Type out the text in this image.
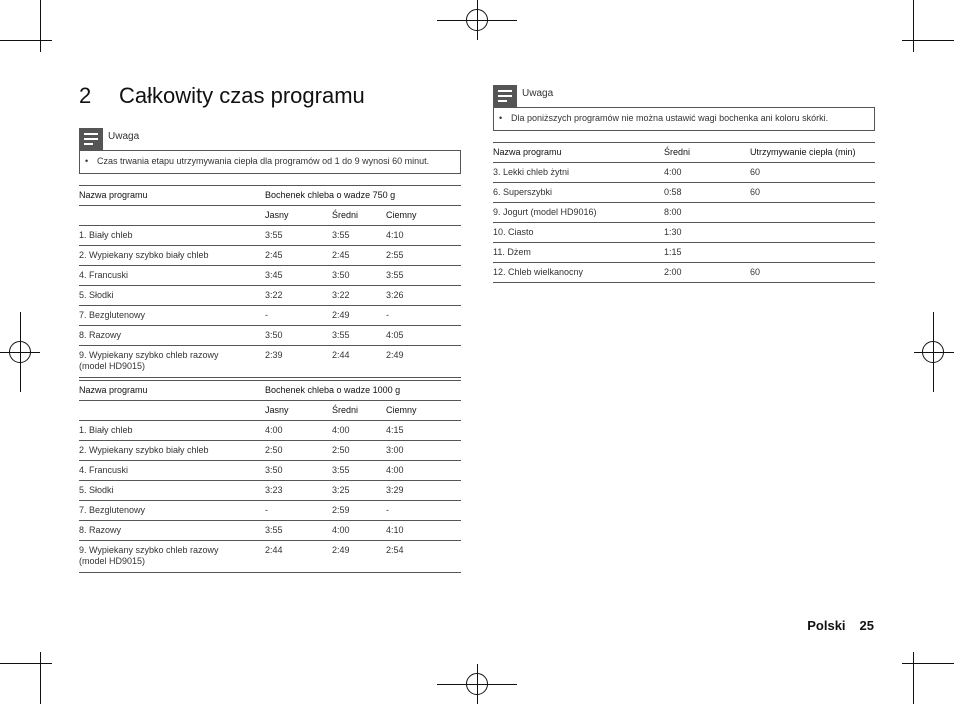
2 Całkowity czas programu
Uwaga
• Czas trwania etapu utrzymywania ciepła dla programów od 1 do 9 wynosi 60 minut.
Nazwa programu	Bochenek chleba o wadze 750 g		
	Jasny	Średni	Ciemny
1. Biały chleb	3:55	3:55	4:10
2. Wypiekany szybko biały chleb	2:45	2:45	2:55
4. Francuski	3:45	3:50	3:55
5. Słodki	3:22	3:22	3:26
7. Bezglutenowy	-	2:49	-
8. Razowy	3:50	3:55	4:05
9. Wypiekany szybko chleb razowy (model HD9015)	2:39	2:44	2:49
Nazwa programu	Bochenek chleba o wadze 1000 g		
	Jasny	Średni	Ciemny
1. Biały chleb	4:00	4:00	4:15
2. Wypiekany szybko biały chleb	2:50	2:50	3:00
4. Francuski	3:50	3:55	4:00
5. Słodki	3:23	3:25	3:29
7. Bezglutenowy	-	2:59	-
8. Razowy	3:55	4:00	4:10
9. Wypiekany szybko chleb razowy (model HD9015)	2:44	2:49	2:54
Uwaga
• Dla poniższych programów nie można ustawić wagi bochenka ani koloru skórki.
Nazwa programu	Średni	Utrzymywanie ciepła (min)
3. Lekki chleb żytni	4:00	60
6. Superszybki	0:58	60
9. Jogurt (model HD9016)	8:00	
10. Ciasto	1:30	
11. Dżem	1:15	
12. Chleb wielkanocny	2:00	60
Polski 25
